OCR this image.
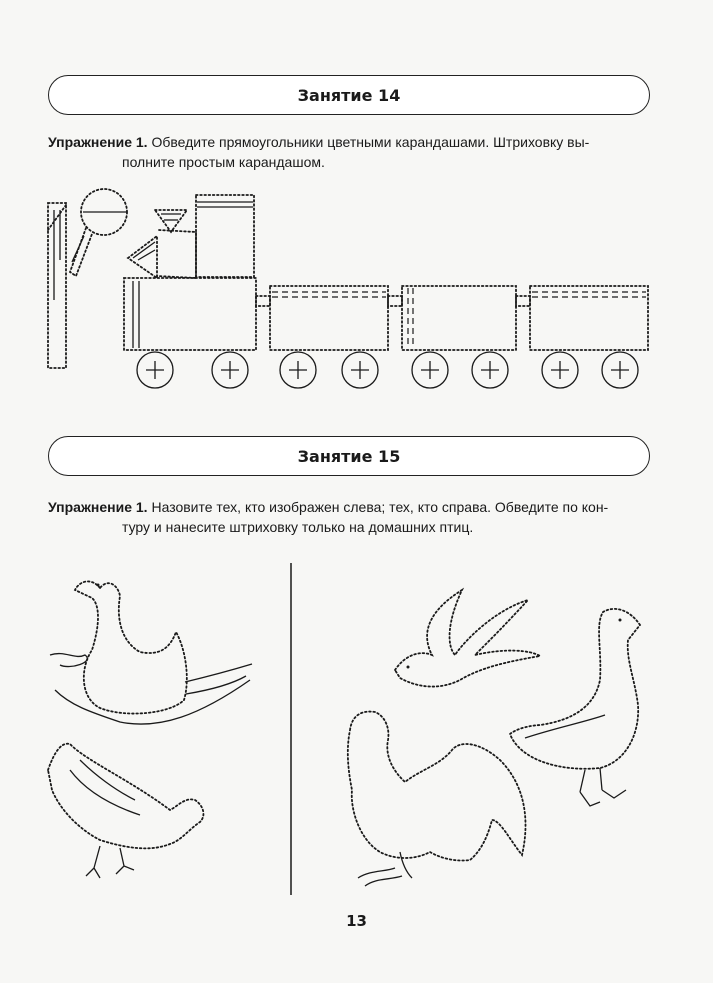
Занятие 14
Упражнение 1. Обведите прямоугольники цветными карандашами. Штриховку вы-
полните простым карандашом.
Занятие 15
Упражнение 1. Назовите тех, кто изображен слева; тех, кто справа. Обведите по кон-
туру и нанесите штриховку только на домашних птиц.
13
